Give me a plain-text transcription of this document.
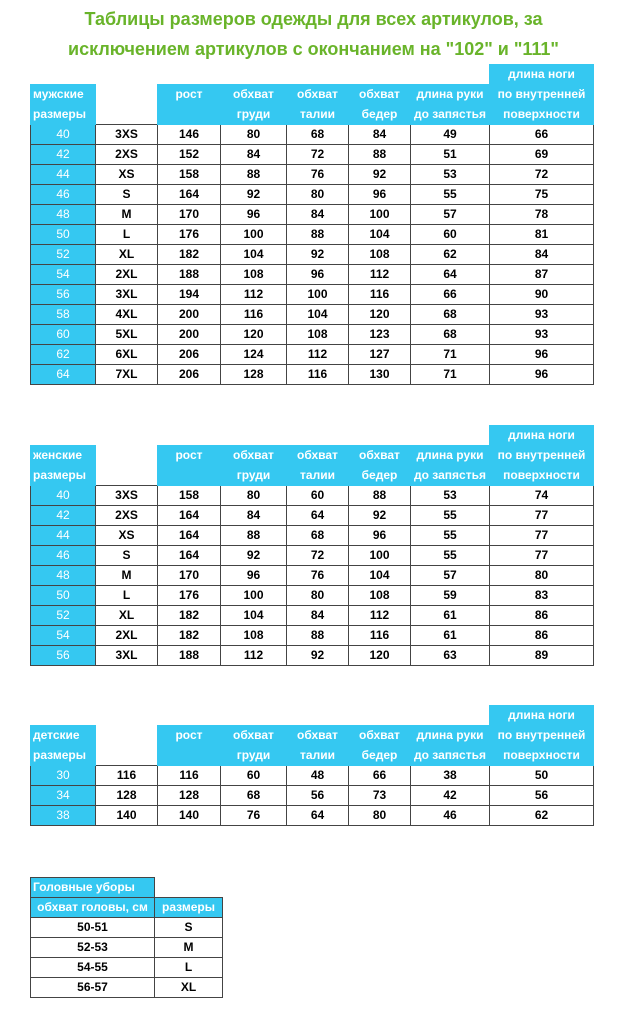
Таблицы размеров одежды для всех артикулов, за
исключением артикулов с окончанием на "102" и "111"
							длина ноги
мужские		рост	обхват	обхват	обхват	длина руки	по внутренней
размеры			груди	талии	бедер	до запястья	поверхности
40	3XS	146	80	68	84	49	66
42	2XS	152	84	72	88	51	69
44	XS	158	88	76	92	53	72
46	S	164	92	80	96	55	75
48	M	170	96	84	100	57	78
50	L	176	100	88	104	60	81
52	XL	182	104	92	108	62	84
54	2XL	188	108	96	112	64	87
56	3XL	194	112	100	116	66	90
58	4XL	200	116	104	120	68	93
60	5XL	200	120	108	123	68	93
62	6XL	206	124	112	127	71	96
64	7XL	206	128	116	130	71	96
							длина ноги
женские		рост	обхват	обхват	обхват	длина руки	по внутренней
размеры			груди	талии	бедер	до запястья	поверхности
40	3XS	158	80	60	88	53	74
42	2XS	164	84	64	92	55	77
44	XS	164	88	68	96	55	77
46	S	164	92	72	100	55	77
48	M	170	96	76	104	57	80
50	L	176	100	80	108	59	83
52	XL	182	104	84	112	61	86
54	2XL	182	108	88	116	61	86
56	3XL	188	112	92	120	63	89
							длина ноги
детские		рост	обхват	обхват	обхват	длина руки	по внутренней
размеры			груди	талии	бедер	до запястья	поверхности
30	116	116	60	48	66	38	50
34	128	128	68	56	73	42	56
38	140	140	76	64	80	46	62
Головные уборы	
обхват головы, см	размеры
50-51	S
52-53	M
54-55	L
56-57	XL
